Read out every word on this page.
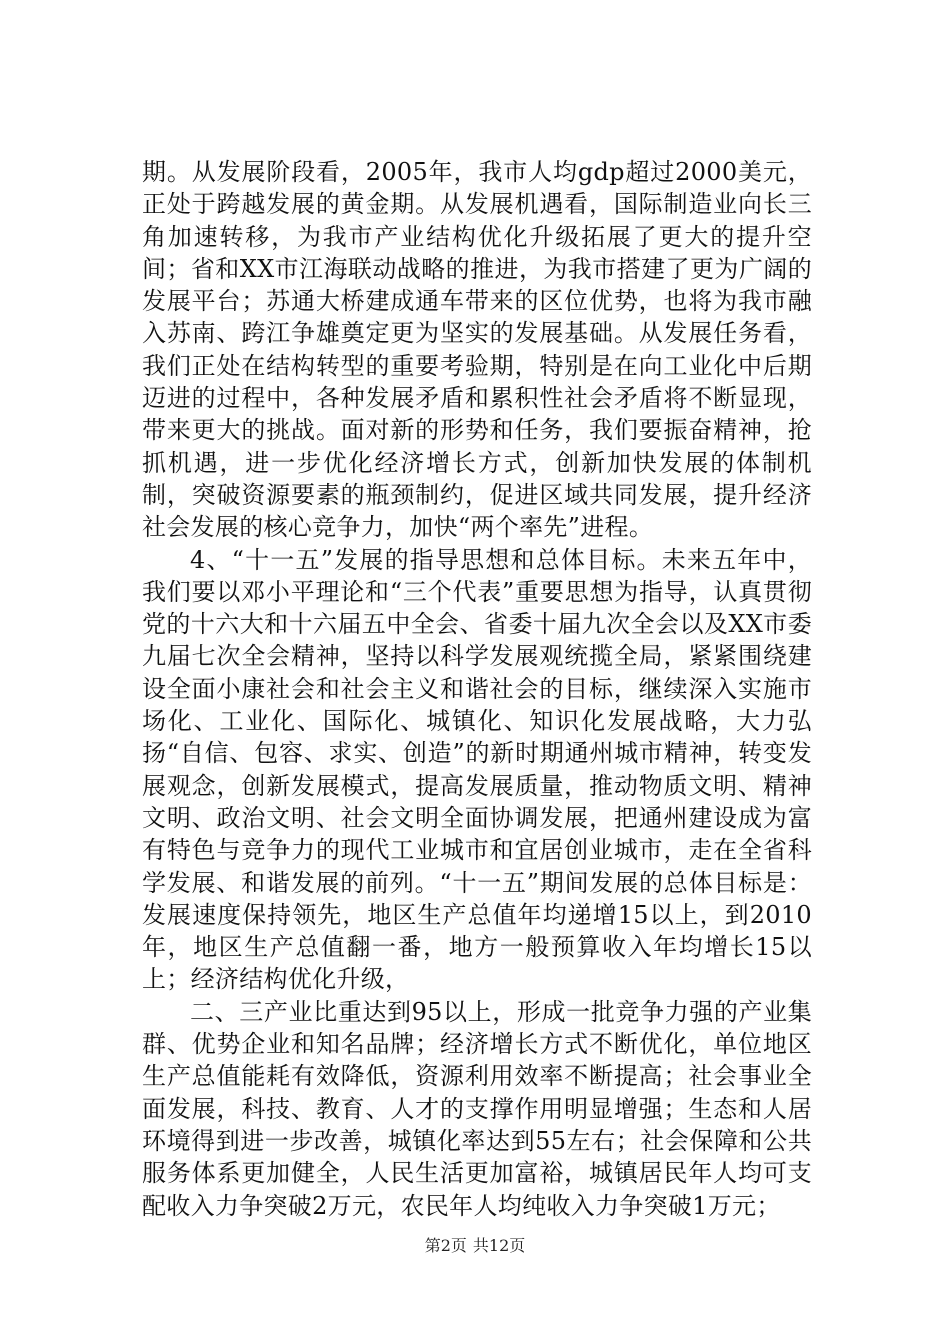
期。从发展阶段看，2005年，我市人均gdp超过2000美元，正处于跨越发展的黄金期。从发展机遇看，国际制造业向长三角加速转移，为我市产业结构优化升级拓展了更大的提升空间；省和XX市江海联动战略的推进，为我市搭建了更为广阔的发展平台；苏通大桥建成通车带来的区位优势，也将为我市融入苏南、跨江争雄奠定更为坚实的发展基础。从发展任务看，我们正处在结构转型的重要考验期，特别是在向工业化中后期迈进的过程中，各种发展矛盾和累积性社会矛盾将不断显现，带来更大的挑战。面对新的形势和任务，我们要振奋精神，抢抓机遇，进一步优化经济增长方式，创新加快发展的体制机制，突破资源要素的瓶颈制约，促进区域共同发展，提升经济社会发展的核心竞争力，加快“两个率先”进程。

4、“十一五”发展的指导思想和总体目标。未来五年中，我们要以邓小平理论和“三个代表”重要思想为指导，认真贯彻党的十六大和十六届五中全会、省委十届九次全会以及XX市委九届七次全会精神，坚持以科学发展观统揽全局，紧紧围绕建设全面小康社会和社会主义和谐社会的目标，继续深入实施市场化、工业化、国际化、城镇化、知识化发展战略，大力弘扬“自信、包容、求实、创造”的新时期通州城市精神，转变发展观念，创新发展模式，提高发展质量，推动物质文明、精神文明、政治文明、社会文明全面协调发展，把通州建设成为富有特色与竞争力的现代工业城市和宜居创业城市，走在全省科学发展、和谐发展的前列。“十一五”期间发展的总体目标是：发展速度保持领先，地区生产总值年均递增15以上，到2010年，地区生产总值翻一番，地方一般预算收入年均增长15以上；经济结构优化升级，

二、三产业比重达到95以上，形成一批竞争力强的产业集群、优势企业和知名品牌；经济增长方式不断优化，单位地区生产总值能耗有效降低，资源利用效率不断提高；社会事业全面发展，科技、教育、人才的支撑作用明显增强；生态和人居环境得到进一步改善，城镇化率达到55左右；社会保障和公共服务体系更加健全，人民生活更加富裕，城镇居民年人均可支配收入力争突破2万元，农民年人均纯收入力争突破1万元；

第2页 共12页
